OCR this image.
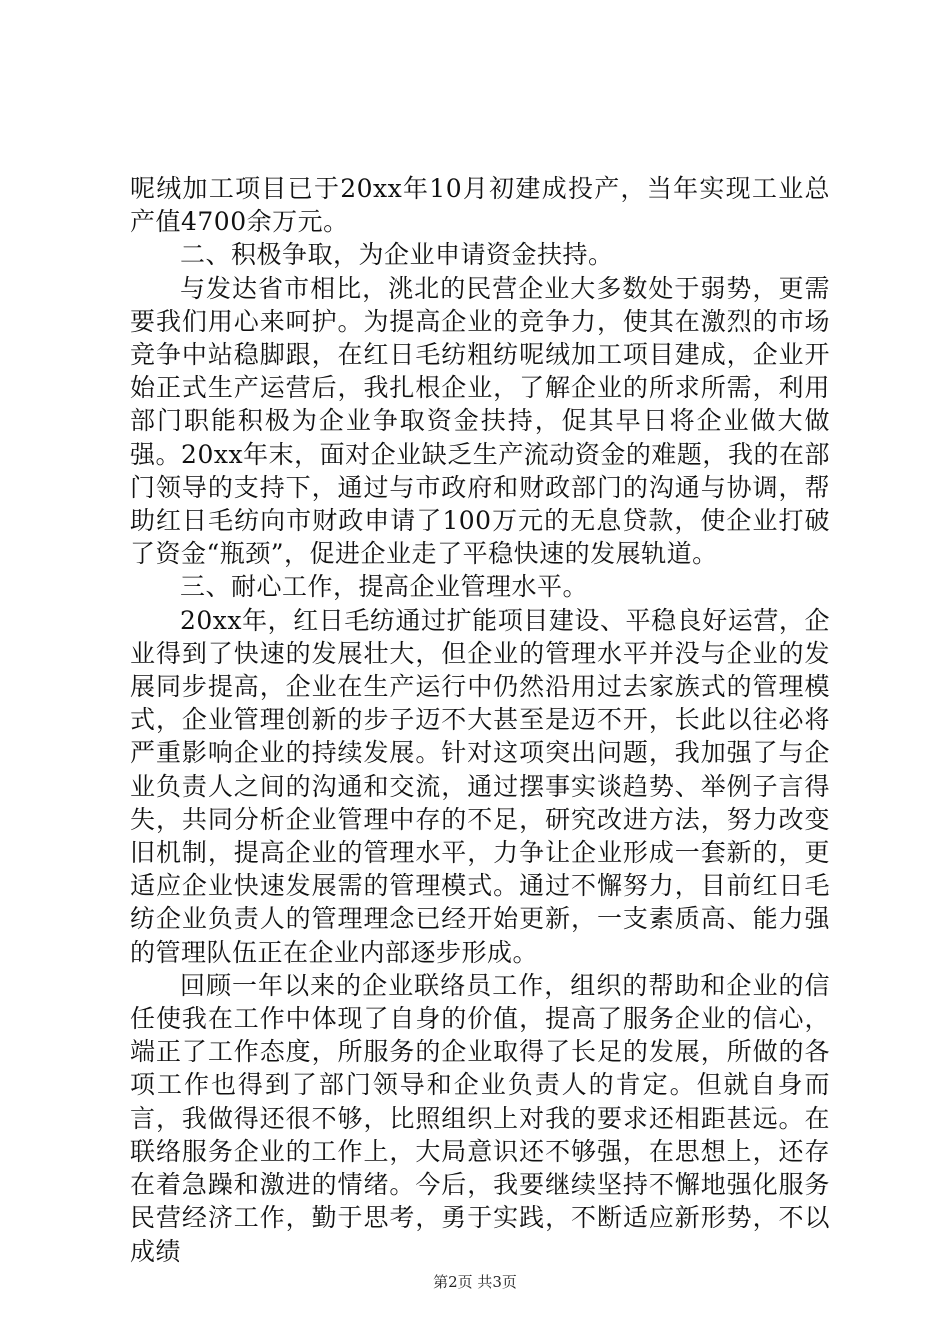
呢绒加工项目已于20xx年10月初建成投产，当年实现工业总产值4700余万元。

二、积极争取，为企业申请资金扶持。

与发达省市相比，洮北的民营企业大多数处于弱势，更需要我们用心来呵护。为提高企业的竞争力，使其在激烈的市场竞争中站稳脚跟，在红日毛纺粗纺呢绒加工项目建成，企业开始正式生产运营后，我扎根企业，了解企业的所求所需，利用部门职能积极为企业争取资金扶持，促其早日将企业做大做强。20xx年末，面对企业缺乏生产流动资金的难题，我的在部门领导的支持下，通过与市政府和财政部门的沟通与协调，帮助红日毛纺向市财政申请了100万元的无息贷款，使企业打破了资金“瓶颈”，促进企业走了平稳快速的发展轨道。

三、耐心工作，提高企业管理水平。

20xx年，红日毛纺通过扩能项目建设、平稳良好运营，企业得到了快速的发展壮大，但企业的管理水平并没与企业的发展同步提高，企业在生产运行中仍然沿用过去家族式的管理模式，企业管理创新的步子迈不大甚至是迈不开，长此以往必将严重影响企业的持续发展。针对这项突出问题，我加强了与企业负责人之间的沟通和交流，通过摆事实谈趋势、举例子言得失，共同分析企业管理中存的不足，研究改进方法，努力改变旧机制，提高企业的管理水平，力争让企业形成一套新的，更适应企业快速发展需的管理模式。通过不懈努力，目前红日毛纺企业负责人的管理理念已经开始更新，一支素质高、能力强的管理队伍正在企业内部逐步形成。

回顾一年以来的企业联络员工作，组织的帮助和企业的信任使我在工作中体现了自身的价值，提高了服务企业的信心，端正了工作态度，所服务的企业取得了长足的发展，所做的各项工作也得到了部门领导和企业负责人的肯定。但就自身而言，我做得还很不够，比照组织上对我的要求还相距甚远。在联络服务企业的工作上，大局意识还不够强，在思想上，还存在着急躁和激进的情绪。今后，我要继续坚持不懈地强化服务民营经济工作，勤于思考，勇于实践，不断适应新形势，不以成绩

第2页 共3页
